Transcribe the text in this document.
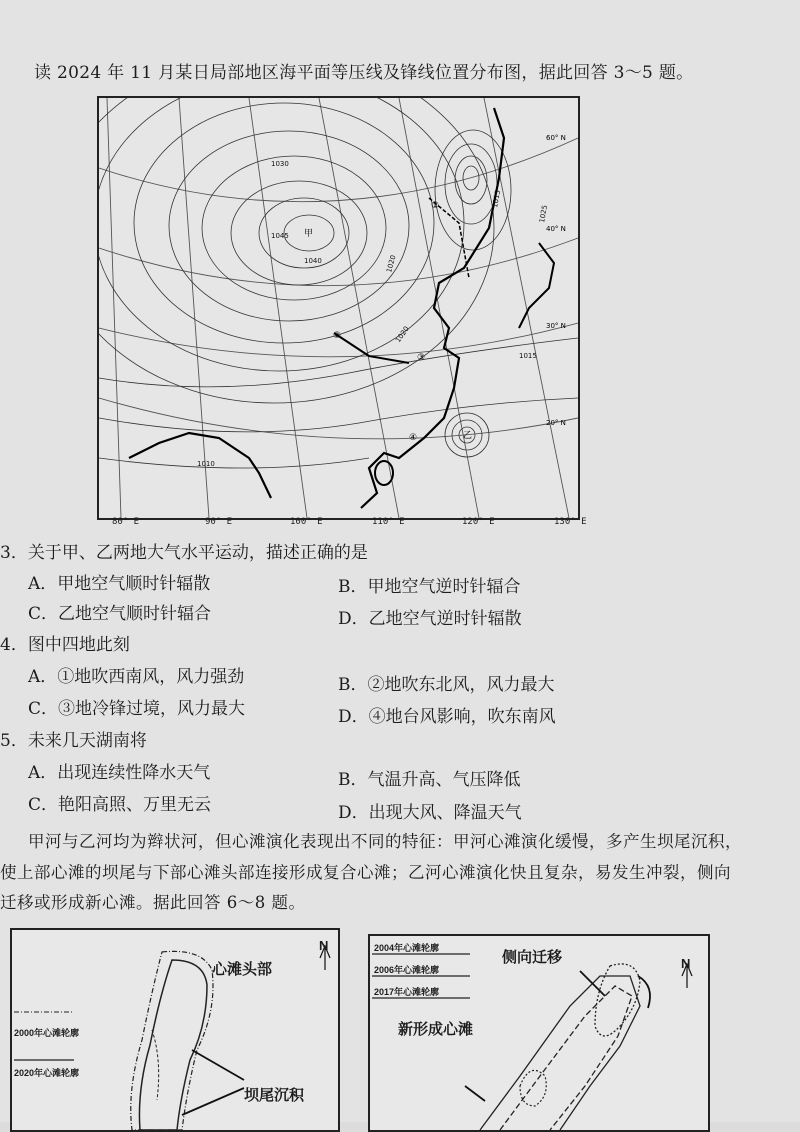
读 2024 年 11 月某日局部地区海平面等压线及锋线位置分布图，据此回答 3～5 题。
1030
1045
1040	1020
1020
1015
1015
1025
1010
甲
乙
①
②
③
④
60° N
40° N
30° N
20° N
80° E	90° E	100° E	110° E	120° E	130° E
3．关于甲、乙两地大气水平运动，描述正确的是
A．甲地空气顺时针辐散	B．甲地空气逆时针辐合
C．乙地空气顺时针辐合	D．乙地空气逆时针辐散
4．图中四地此刻
A．①地吹西南风，风力强劲	B．②地吹东北风，风力最大
C．③地冷锋过境，风力最大	D．④地台风影响，吹东南风
5．未来几天湖南将
A．出现连续性降水天气	B．气温升高、气压降低
C．艳阳高照、万里无云	D．出现大风、降温天气
甲河与乙河均为辫状河，但心滩演化表现出不同的特征：甲河心滩演化缓慢，多产生坝尾沉积，
使上部心滩的坝尾与下部心滩头部连接形成复合心滩；乙河心滩演化快且复杂，易发生冲裂，侧向
迁移或形成新心滩。据此回答 6～8 题。
心滩头部
坝尾沉积
N
2000年心滩轮廓
2020年心滩轮廓
2004年心滩轮廓
2006年心滩轮廓
2017年心滩轮廓
侧向迁移
新形成心滩
N
